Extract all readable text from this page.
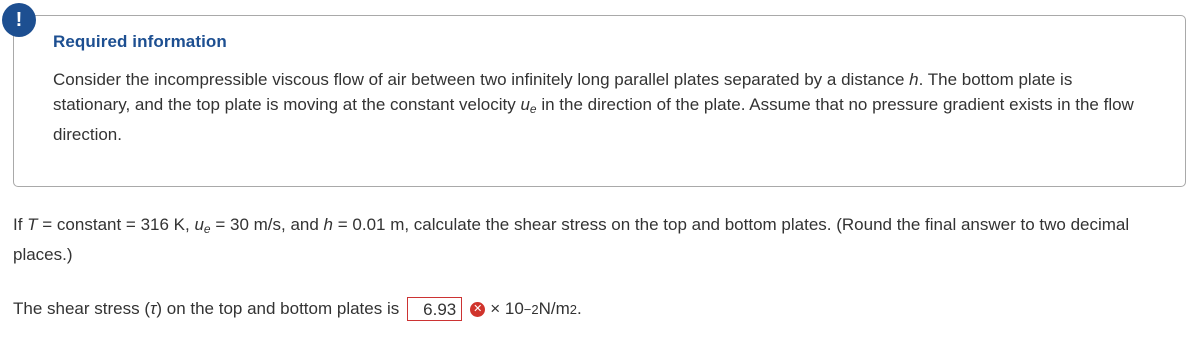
!
Required information

Consider the incompressible viscous flow of air between two infinitely long parallel plates separated by a distance h. The bottom plate is stationary, and the top plate is moving at the constant velocity $u_e$ in the direction of the plate. Assume that no pressure gradient exists in the flow direction.

If T = constant = 316 K, $u_e = 30$ m/s, and h = 0.01 m, calculate the shear stress on the top and bottom plates. (Round the final answer to two decimal places.)

The shear stress ( τ ) on the top and bottom plates is	6.93	✕ × 10 −2 N/m 2 .
